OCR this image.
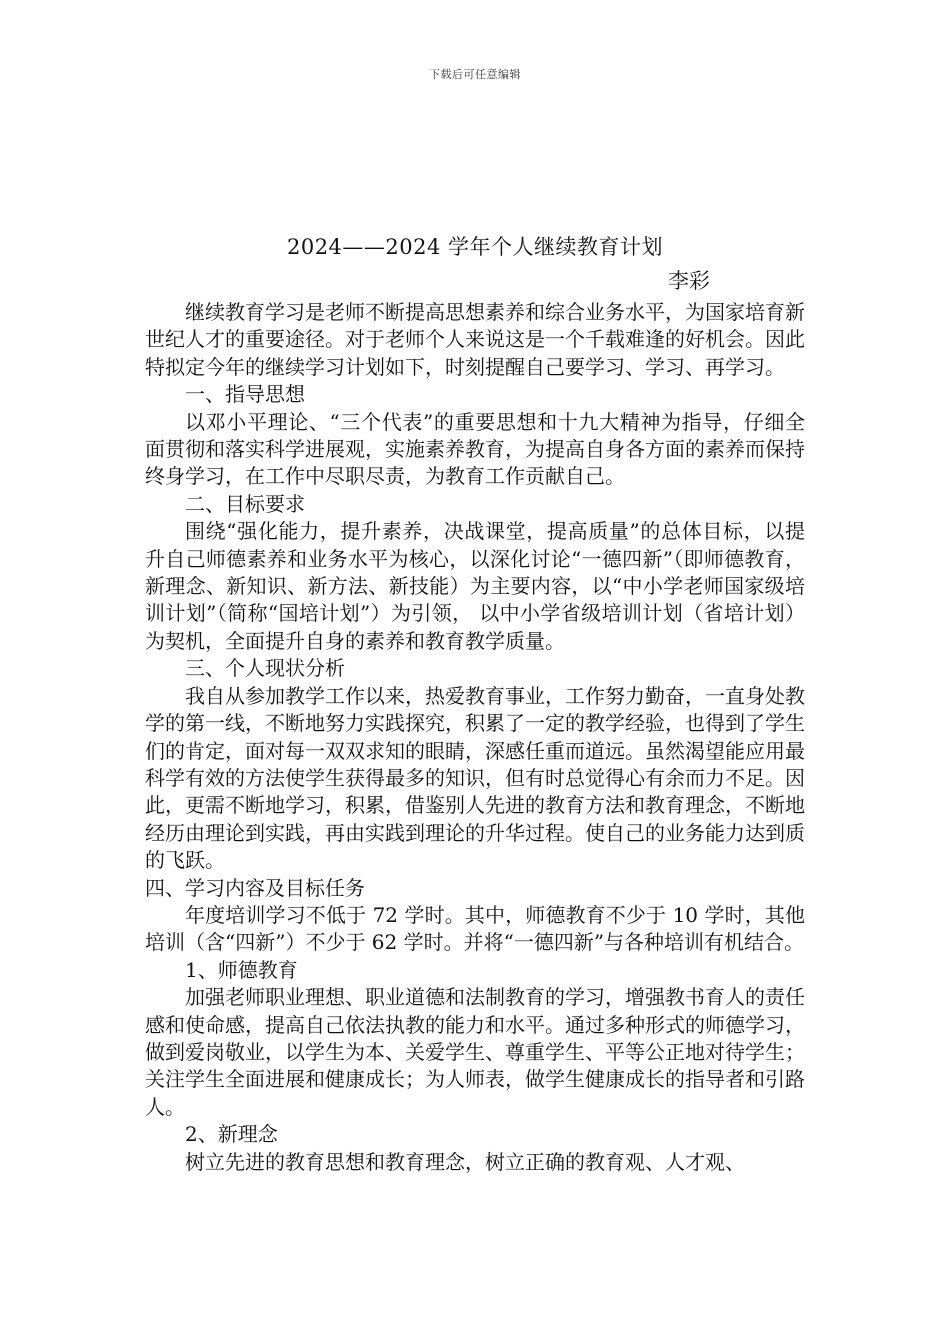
下载后可任意编辑
2024——2024 学年个人继续教育计划
李彩

继续教育学习是老师不断提高思想素养和综合业务水平，为国家培育新世纪人才的重要途径。对于老师个人来说这是一个千载难逢的好机会。因此特拟定今年的继续学习计划如下，时刻提醒自己要学习、学习、再学习。

一、指导思想

以邓小平理论、“三个代表”的重要思想和十九大精神为指导，仔细全面贯彻和落实科学进展观，实施素养教育，为提高自身各方面的素养而保持终身学习，在工作中尽职尽责，为教育工作贡献自己。

二、目标要求

围绕“强化能力，提升素养，决战课堂，提高质量”的总体目标，以提升自己师德素养和业务水平为核心，以深化讨论“一德四新”（即师德教育，新理念、新知识、新方法、新技能）为主要内容，以“中小学老师国家级培训计划”（简称“国培计划”）为引领， 以中小学省级培训计划（省培计划）为契机，全面提升自身的素养和教育教学质量。

三、个人现状分析

我自从参加教学工作以来，热爱教育事业，工作努力勤奋，一直身处教学的第一线，不断地努力实践探究，积累了一定的教学经验，也得到了学生们的肯定，面对每一双双求知的眼睛，深感任重而道远。虽然渴望能应用最科学有效的方法使学生获得最多的知识，但有时总觉得心有余而力不足。因此，更需不断地学习，积累，借鉴别人先进的教育方法和教育理念，不断地经历由理论到实践，再由实践到理论的升华过程。使自己的业务能力达到质的飞跃。

四、学习内容及目标任务

年度培训学习不低于 72 学时。其中，师德教育不少于 10 学时，其他培训（含“四新”）不少于 62 学时。并将“一德四新”与各种培训有机结合。

1、师德教育

加强老师职业理想、职业道德和法制教育的学习，增强教书育人的责任感和使命感，提高自己依法执教的能力和水平。通过多种形式的师德学习，做到爱岗敬业，以学生为本、关爱学生、尊重学生、平等公正地对待学生；关注学生全面进展和健康成长；为人师表，做学生健康成长的指导者和引路人。

2、新理念

树立先进的教育思想和教育理念，树立正确的教育观、人才观、
